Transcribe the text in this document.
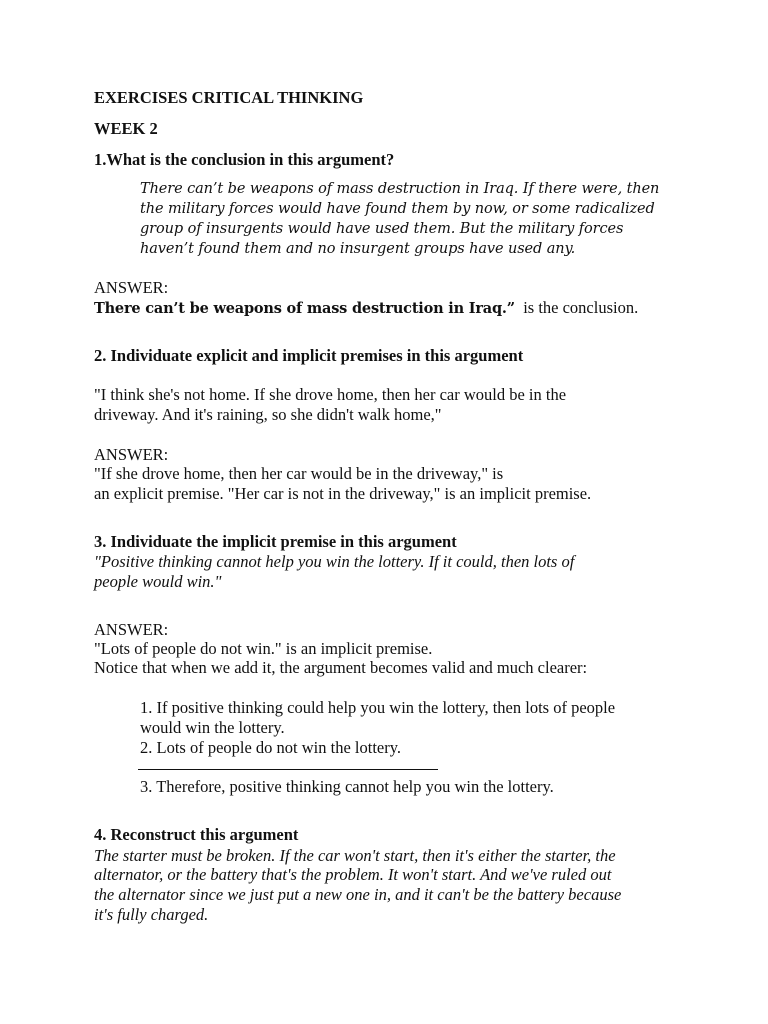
EXERCISES CRITICAL THINKING
WEEK 2
1.What is the conclusion in this argument?
There can’t be weapons of mass destruction in Iraq. If there were, then
the military forces would have found them by now, or some radicalized
group of insurgents would have used them. But the military forces
haven’t found them and no insurgent groups have used any.
ANSWER:
There can’t be weapons of mass destruction in Iraq.”  is the conclusion.
2. Individuate explicit and implicit premises in this argument
"I think she's not home. If she drove home, then her car would be in the
driveway. And it's raining, so she didn't walk home,"
ANSWER:
"If she drove home, then her car would be in the driveway," is
an explicit premise. "Her car is not in the driveway," is an implicit premise.
3. Individuate the implicit premise in this argument
"Positive thinking cannot help you win the lottery. If it could, then lots of
people would win."
ANSWER:
"Lots of people do not win." is an implicit premise.
Notice that when we add it, the argument becomes valid and much clearer:
1. If positive thinking could help you win the lottery, then lots of people
would win the lottery.
2. Lots of people do not win the lottery.
3. Therefore, positive thinking cannot help you win the lottery.
4. Reconstruct this argument
The starter must be broken. If the car won't start, then it's either the starter, the
alternator, or the battery that's the problem. It won't start. And we've ruled out
the alternator since we just put a new one in, and it can't be the battery because
it's fully charged.
